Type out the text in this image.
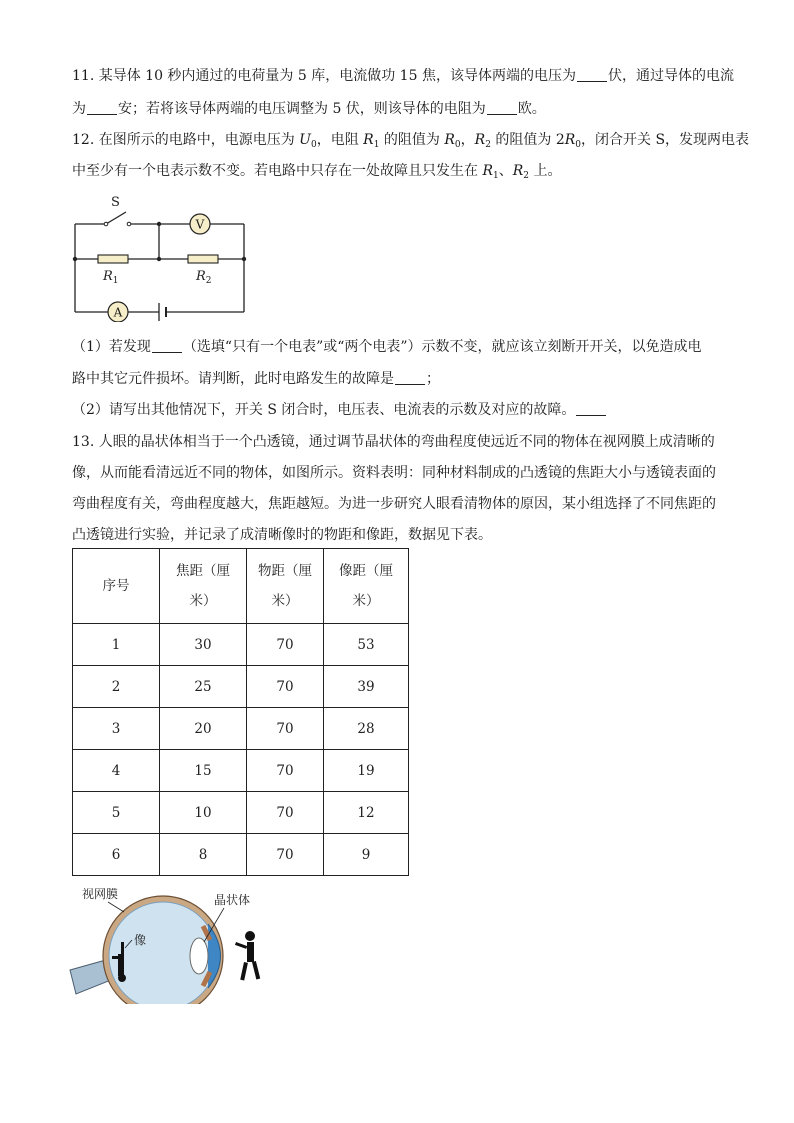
11. 某导体 10 秒内通过的电荷量为 5 库，电流做功 15 焦，该导体两端的电压为 伏，通过导体的电流
为 安；若将该导体两端的电压调整为 5 伏，则该导体的电阻为 欧。
12. 在图所示的电路中，电源电压为 $U_0$，电阻 $R_1$ 的阻值为 $R_0$，$R_2$ 的阻值为 $2R_0$，闭合开关 S，发现两电表
中至少有一个电表示数不变。若电路中只存在一处故障且只发生在 $R_1$、$R_2$ 上。
V
A
S
$R_1$	$R_2$
（1）若发现 （选填“只有一个电表”或“两个电表”）示数不变，就应该立刻断开开关，以免造成电
路中其它元件损坏。请判断，此时电路发生的故障是 ；
（2）请写出其他情况下，开关 S 闭合时，电压表、电流表的示数及对应的故障。
13. 人眼的晶状体相当于一个凸透镜，通过调节晶状体的弯曲程度使远近不同的物体在视网膜上成清晰的
像，从而能看清远近不同的物体，如图所示。资料表明：同种材料制成的凸透镜的焦距大小与透镜表面的
弯曲程度有关，弯曲程度越大，焦距越短。为进一步研究人眼看清物体的原因，某小组选择了不同焦距的
凸透镜进行实验，并记录了成清晰像时的物距和像距，数据见下表。
序号	焦距（厘
米）	物距（厘
米）	像距（厘
米）
1	30	70	53
2	25	70	39
3	20	70	28
4	15	70	19
5	10	70	12
6	8	70	9
像
视网膜	晶状体
